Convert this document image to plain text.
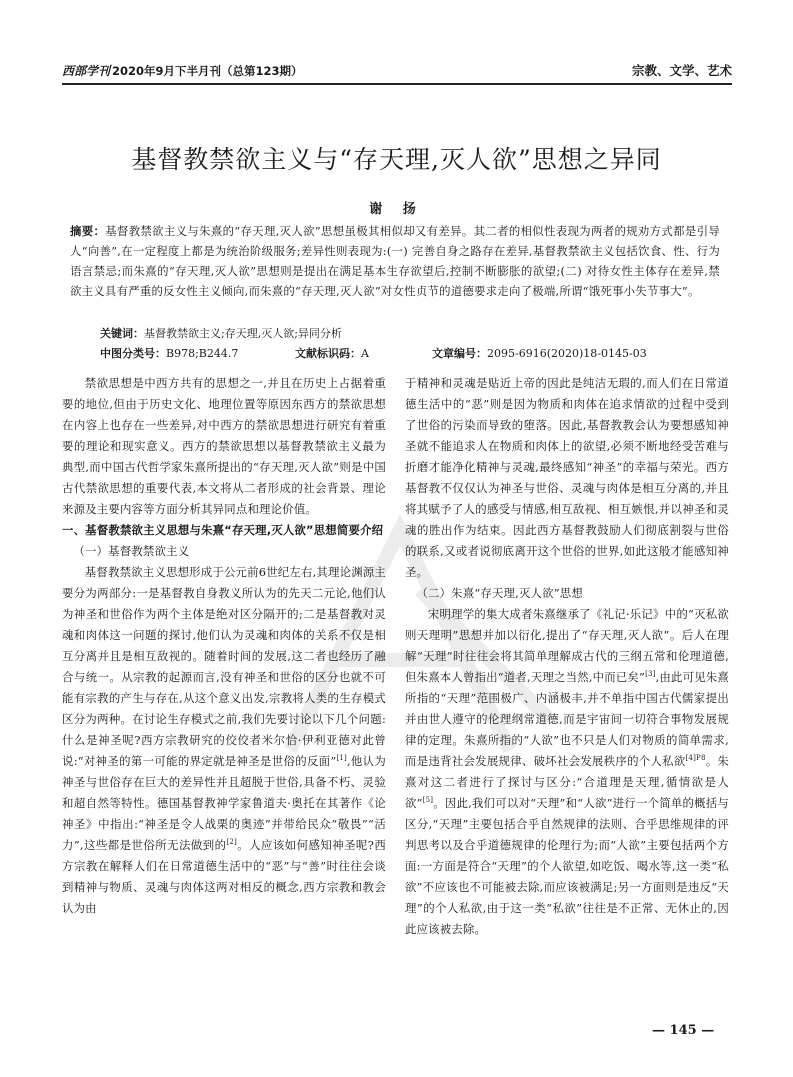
西部学刊 2020年9月下半月刊（总第123期）	宗教、文学、艺术
基督教禁欲主义与“存天理,灭人欲”思想之异同
谢 扬
摘要：基督教禁欲主义与朱熹的“存天理,灭人欲”思想虽极其相似却又有差异。其二者的相似性表现为两者的规劝方式都是引导人“向善”,在一定程度上都是为统治阶级服务;差异性则表现为:(一) 完善自身之路存在差异,基督教禁欲主义包括饮食、性、行为语言禁忌;而朱熹的“存天理,灭人欲”思想则是提出在满足基本生存欲望后,控制不断膨胀的欲望;(二) 对待女性主体存在差异,禁欲主义具有严重的反女性主义倾向,而朱熹的“存天理,灭人欲”对女性贞节的道德要求走向了极端,所谓“饿死事小失节事大”。
关键词：基督教禁欲主义;存天理,灭人欲;异同分析
中图分类号：B978;B244.7	文献标识码：A	文章编号：2095-6916(2020)18-0145-03

禁欲思想是中西方共有的思想之一,并且在历史上占据着重要的地位,但由于历史文化、地理位置等原因东西方的禁欲思想在内容上也存在一些差异,对中西方的禁欲思想进行研究有着重要的理论和现实意义。西方的禁欲思想以基督教禁欲主义最为典型,而中国古代哲学家朱熹所提出的“存天理,灭人欲”则是中国古代禁欲思想的重要代表,本文将从二者形成的社会背景、理论来源及主要内容等方面分析其异同点和理论价值。

一、基督教禁欲主义思想与朱熹“存天理,灭人欲”思想简要介绍
（一）基督教禁欲主义

基督教禁欲主义思想形成于公元前6世纪左右,其理论渊源主要分为两部分:一是基督教自身教义所认为的先天二元论,他们认为神圣和世俗作为两个主体是绝对区分隔开的;二是基督教对灵魂和肉体这一问题的探讨,他们认为灵魂和肉体的关系不仅是相互分离并且是相互敌视的。随着时间的发展,这二者也经历了融合与统一。从宗教的起源而言,没有神圣和世俗的区分也就不可能有宗教的产生与存在,从这个意义出发,宗教将人类的生存模式区分为两种。在讨论生存模式之前,我们先要讨论以下几个问题:什么是神圣呢?西方宗教研究的佼佼者米尔恰·伊利亚德对此曾说:“对神圣的第一可能的界定就是神圣是世俗的反面”[1],他认为神圣与世俗存在巨大的差异性并且超脱于世俗,具备不朽、灵验和超自然等特性。德国基督教神学家鲁道夫·奥托在其著作《论神圣》中指出:“神圣是令人战栗的奥迹”并带给民众“敬畏”“活力”,这些都是世俗所无法做到的[2]。人应该如何感知神圣呢?西方宗教在解释人们在日常道德生活中的“恶”与“善”时往往会谈到精神与物质、灵魂与肉体这两对相反的概念,西方宗教和教会认为由

于精神和灵魂是贴近上帝的因此是纯洁无瑕的,而人们在日常道德生活中的“恶”则是因为物质和肉体在追求情欲的过程中受到了世俗的污染而导致的堕落。因此,基督教教会认为要想感知神圣就不能追求人在物质和肉体上的欲望,必须不断地经受苦难与折磨才能净化精神与灵魂,最终感知“神圣”的幸福与荣光。西方基督教不仅仅认为神圣与世俗、灵魂与肉体是相互分离的,并且将其赋予了人的感受与情感,相互敌视、相互嫉恨,并以神圣和灵魂的胜出作为结束。因此西方基督教鼓励人们彻底割裂与世俗的联系,又或者说彻底离开这个世俗的世界,如此这般才能感知神圣。

（二）朱熹“存天理,灭人欲”思想

宋明理学的集大成者朱熹继承了《礼记·乐记》中的“灭私欲则天理明”思想并加以衍化,提出了“存天理,灭人欲”。后人在理解“天理”时往往会将其简单理解成古代的三纲五常和伦理道德,但朱熹本人曾指出“道者,天理之当然,中而已矣”[3],由此可见朱熹所指的“天理”范围极广、内涵极丰,并不单指中国古代儒家提出并由世人遵守的伦理纲常道德,而是宇宙间一切符合事物发展规律的定理。朱熹所指的“人欲”也不只是人们对物质的简单需求,而是违背社会发展规律、破坏社会发展秩序的个人私欲$^{[4]P8}$。朱熹对这二者进行了探讨与区分:“合道理是天理,循情欲是人欲”[5]。因此,我们可以对“天理”和“人欲”进行一个简单的概括与区分,“天理”主要包括合乎自然规律的法则、合乎思维规律的评判思考以及合乎道德规律的伦理行为;而“人欲”主要包括两个方面:一方面是符合“天理”的个人欲望,如吃饭、喝水等,这一类“私欲”不应该也不可能被去除,而应该被满足;另一方面则是违反“天理”的个人私欲,由于这一类“私欲”往往是不正常、无休止的,因此应该被去除。

— 145 —
